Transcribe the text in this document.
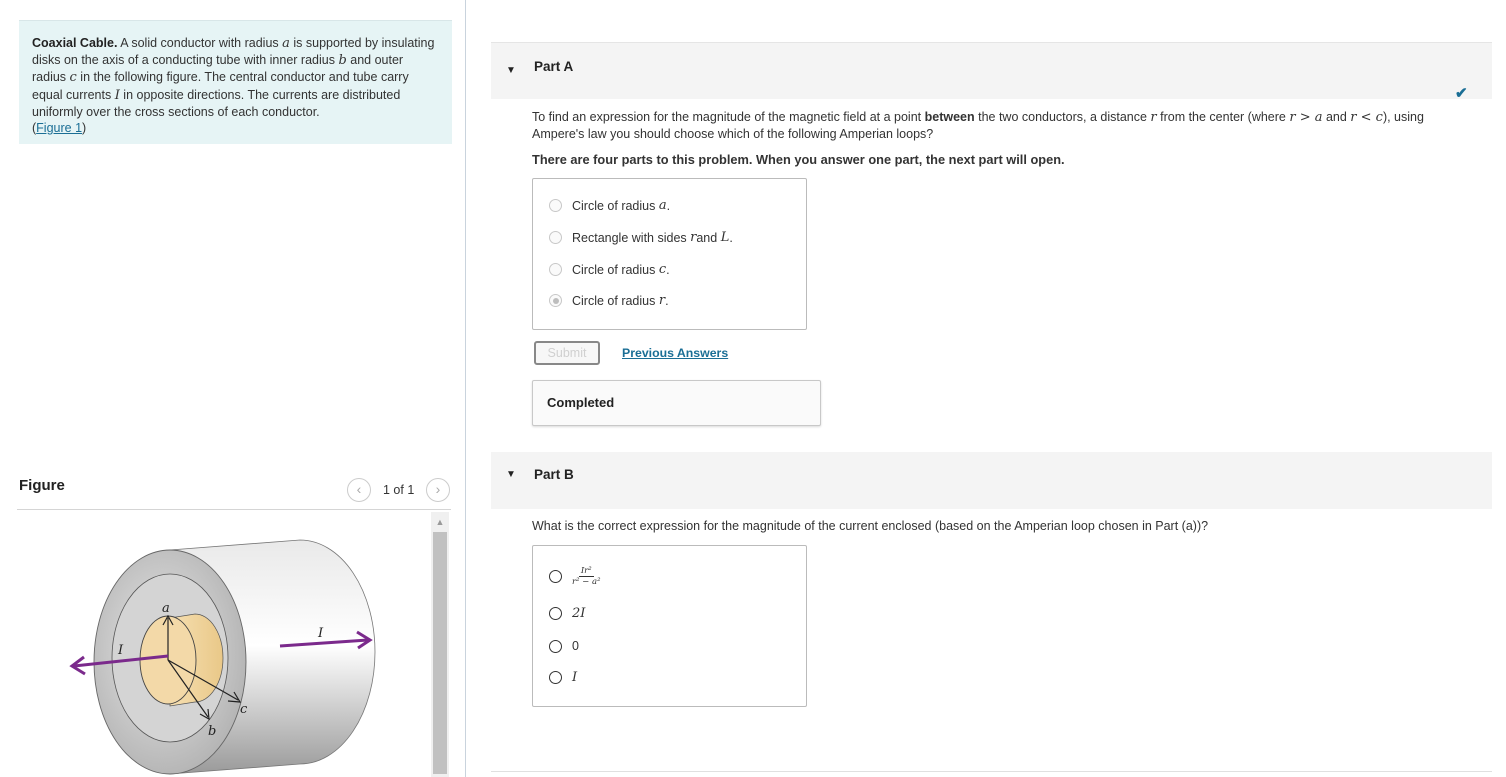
Coaxial Cable. A solid conductor with radius a is supported by insulating disks on the axis of a conducting tube with inner radius b and outer radius c in the following figure. The central conductor and tube carry equal currents I in opposite directions. The currents are distributed uniformly over the cross sections of each conductor.
(Figure 1)
Figure	‹	1 of 1	›
a
b
c
I
I
▲
▼ Part A
✔
To find an expression for the magnitude of the magnetic field at a point between the two conductors, a distance r from the center (where r > a and r < c), using Ampere's law you should choose which of the following Amperian loops?
There are four parts to this problem. When you answer one part, the next part will open.
Circle of radius
a .
Rectangle with sides
r and
L .
Circle of radius
c .
Circle of radius
r .
Submit	Previous Answers
Completed
▼ Part B
What is the correct expression for the magnitude of the current enclosed (based on the Amperian loop chosen in Part (a))?
$\frac{\text{Ir²}}{\text{r² − a²}}$
2I
0
I
